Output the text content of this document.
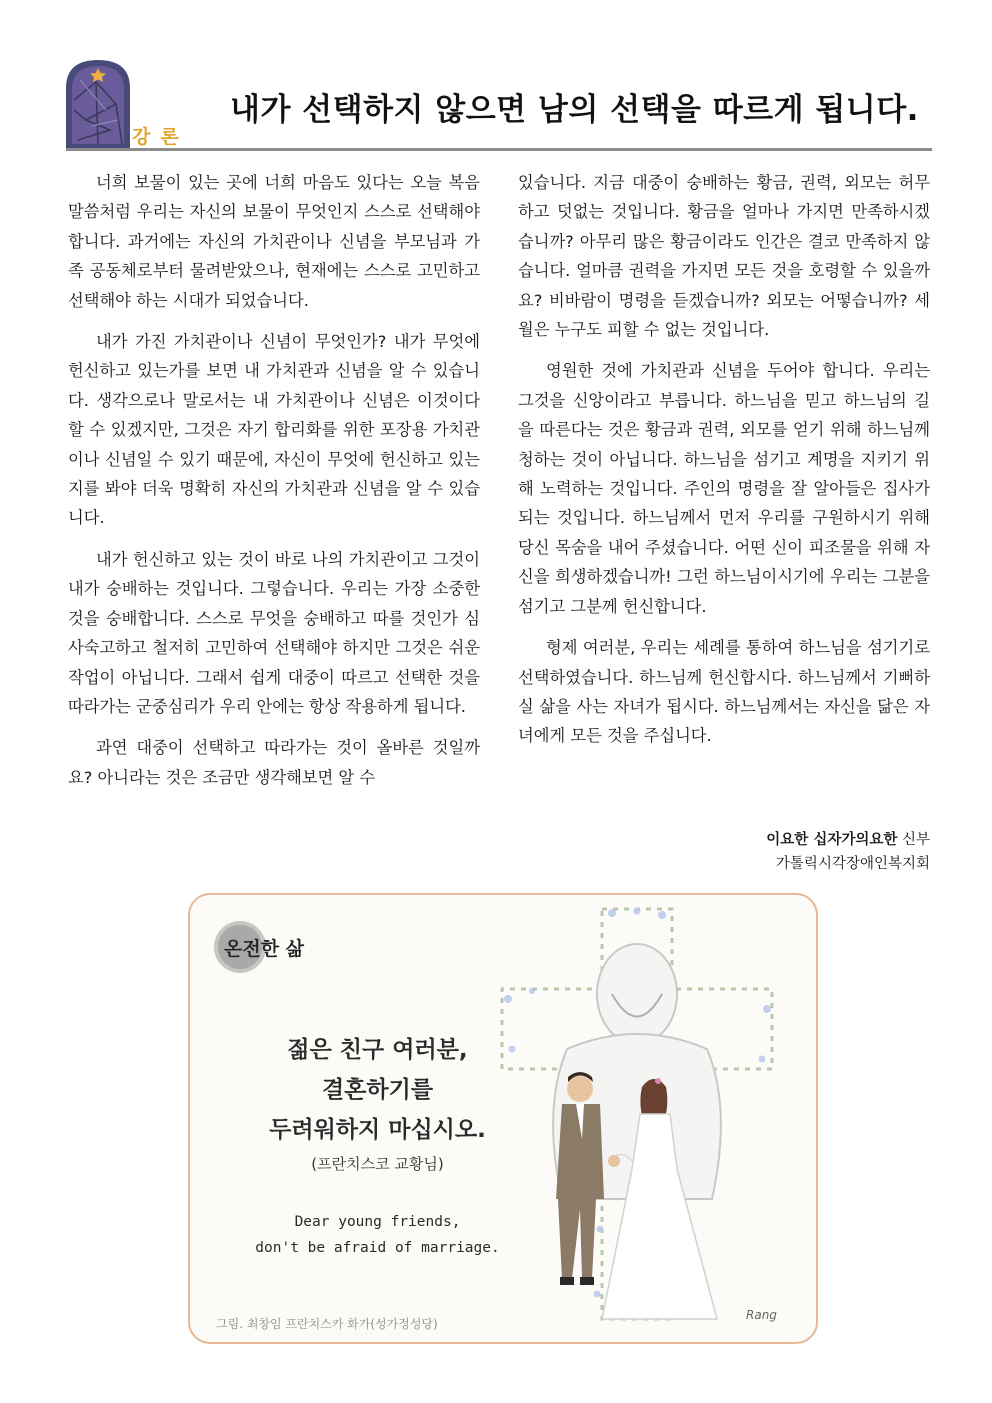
강론
내가 선택하지 않으면 남의 선택을 따르게 됩니다.

너희 보물이 있는 곳에 너희 마음도 있다는 오늘 복음 말씀처럼 우리는 자신의 보물이 무엇인지 스스로 선택해야 합니다. 과거에는 자신의 가치관이나 신념을 부모님과 가족 공동체로부터 물려받았으나, 현재에는 스스로 고민하고 선택해야 하는 시대가 되었습니다.

내가 가진 가치관이나 신념이 무엇인가? 내가 무엇에 헌신하고 있는가를 보면 내 가치관과 신념을 알 수 있습니다. 생각으로나 말로서는 내 가치관이나 신념은 이것이다 할 수 있겠지만, 그것은 자기 합리화를 위한 포장용 가치관이나 신념일 수 있기 때문에, 자신이 무엇에 헌신하고 있는지를 봐야 더욱 명확히 자신의 가치관과 신념을 알 수 있습니다.

내가 헌신하고 있는 것이 바로 나의 가치관이고 그것이 내가 숭배하는 것입니다. 그렇습니다. 우리는 가장 소중한 것을 숭배합니다. 스스로 무엇을 숭배하고 따를 것인가 심사숙고하고 철저히 고민하여 선택해야 하지만 그것은 쉬운 작업이 아닙니다. 그래서 쉽게 대중이 따르고 선택한 것을 따라가는 군중심리가 우리 안에는 항상 작용하게 됩니다.

과연 대중이 선택하고 따라가는 것이 올바른 것일까요? 아니라는 것은 조금만 생각해보면 알 수

있습니다. 지금 대중이 숭배하는 황금, 권력, 외모는 허무하고 덧없는 것입니다. 황금을 얼마나 가지면 만족하시겠습니까? 아무리 많은 황금이라도 인간은 결코 만족하지 않습니다. 얼마큼 권력을 가지면 모든 것을 호령할 수 있을까요? 비바람이 명령을 듣겠습니까? 외모는 어떻습니까? 세월은 누구도 피할 수 없는 것입니다.

영원한 것에 가치관과 신념을 두어야 합니다. 우리는 그것을 신앙이라고 부릅니다. 하느님을 믿고 하느님의 길을 따른다는 것은 황금과 권력, 외모를 얻기 위해 하느님께 청하는 것이 아닙니다. 하느님을 섬기고 계명을 지키기 위해 노력하는 것입니다. 주인의 명령을 잘 알아들은 집사가 되는 것입니다. 하느님께서 먼저 우리를 구원하시기 위해 당신 목숨을 내어 주셨습니다. 어떤 신이 피조물을 위해 자신을 희생하겠습니까! 그런 하느님이시기에 우리는 그분을 섬기고 그분께 헌신합니다.

형제 여러분, 우리는 세례를 통하여 하느님을 섬기기로 선택하였습니다. 하느님께 헌신합시다. 하느님께서 기뻐하실 삶을 사는 자녀가 됩시다. 하느님께서는 자신을 닮은 자녀에게 모든 것을 주십니다.

이요한 십자가의요한 신부
가톨릭시각장애인복지회
온전한 삶
젊은 친구 여러분,
결혼하기를
두려워하지 마십시오.
(프란치스코 교황님)
Dear young friends,
don't be afraid of marriage.
그림. 최창임 프란치스카 화가(성가정성당)
Rang
